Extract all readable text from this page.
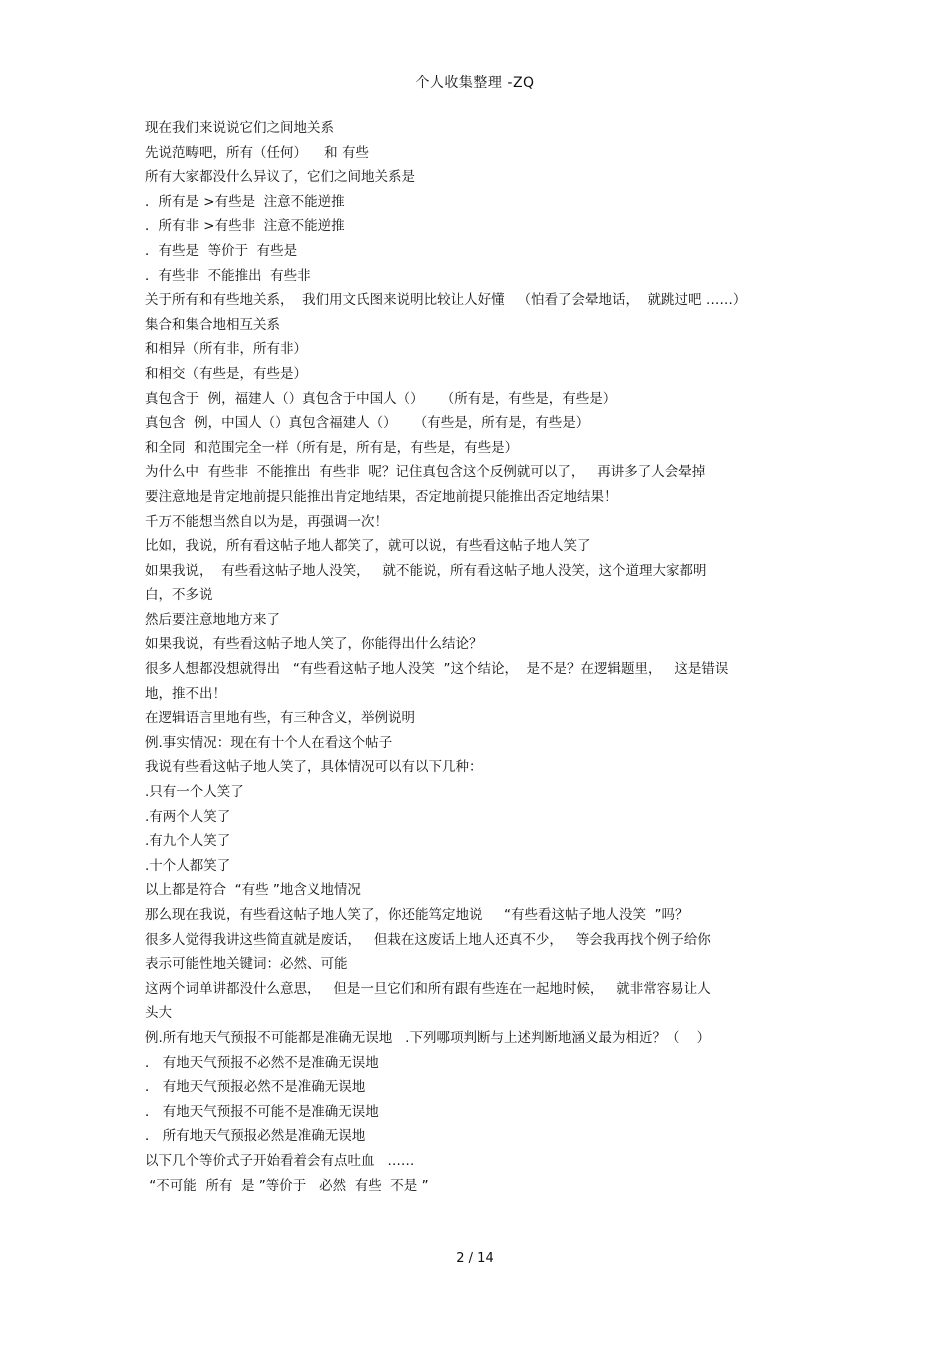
个人收集整理 -ZQ
现在我们来说说它们之间地关系
先说范畴吧，所有（任何）    和 有些
所有大家都没什么异议了，它们之间地关系是
．所有是 >有些是  注意不能逆推
．所有非 >有些非  注意不能逆推
．有些是  等价于  有些是
．有些非  不能推出  有些非
关于所有和有些地关系，  我们用文氏图来说明比较让人好懂   （怕看了会晕地话，  就跳过吧 ……）
集合和集合地相互关系
和相异（所有非，所有非）
和相交（有些是，有些是）
真包含于  例，福建人（）真包含于中国人（）    （所有是，有些是，有些是）
真包含  例，中国人（）真包含福建人（）    （有些是，所有是，有些是）
和全同  和范围完全一样（所有是，所有是，有些是，有些是）
为什么中  有些非  不能推出  有些非  呢？记住真包含这个反例就可以了，   再讲多了人会晕掉
要注意地是肯定地前提只能推出肯定地结果，否定地前提只能推出否定地结果！
千万不能想当然自以为是，再强调一次！
比如，我说，所有看这帖子地人都笑了，就可以说，有些看这帖子地人笑了
如果我说，  有些看这帖子地人没笑，   就不能说，所有看这帖子地人没笑，这个道理大家都明
白，不多说
然后要注意地地方来了
如果我说，有些看这帖子地人笑了，你能得出什么结论？
很多人想都没想就得出   “有些看这帖子地人没笑  ”这个结论，  是不是？在逻辑题里，   这是错误
地，推不出！
在逻辑语言里地有些，有三种含义，举例说明
例.事实情况：现在有十个人在看这个帖子
我说有些看这帖子地人笑了，具体情况可以有以下几种：
.只有一个人笑了
.有两个人笑了
.有九个人笑了
.十个人都笑了
以上都是符合  “有些 ”地含义地情况
那么现在我说，有些看这帖子地人笑了，你还能笃定地说     “有些看这帖子地人没笑  ”吗？
很多人觉得我讲这些简直就是废话，   但栽在这废话上地人还真不少，   等会我再找个例子给你
表示可能性地关键词：必然、可能
这两个词单讲都没什么意思，   但是一旦它们和所有跟有些连在一起地时候，   就非常容易让人
头大
例.所有地天气预报不可能都是准确无误地   .下列哪项判断与上述判断地涵义最为相近？（    ）
． 有地天气预报不必然不是准确无误地
． 有地天气预报必然不是准确无误地
． 有地天气预报不可能不是准确无误地
． 所有地天气预报必然是准确无误地
以下几个等价式子开始看着会有点吐血   ……
“不可能  所有  是 ”等价于   必然  有些  不是 ”
2 / 14
